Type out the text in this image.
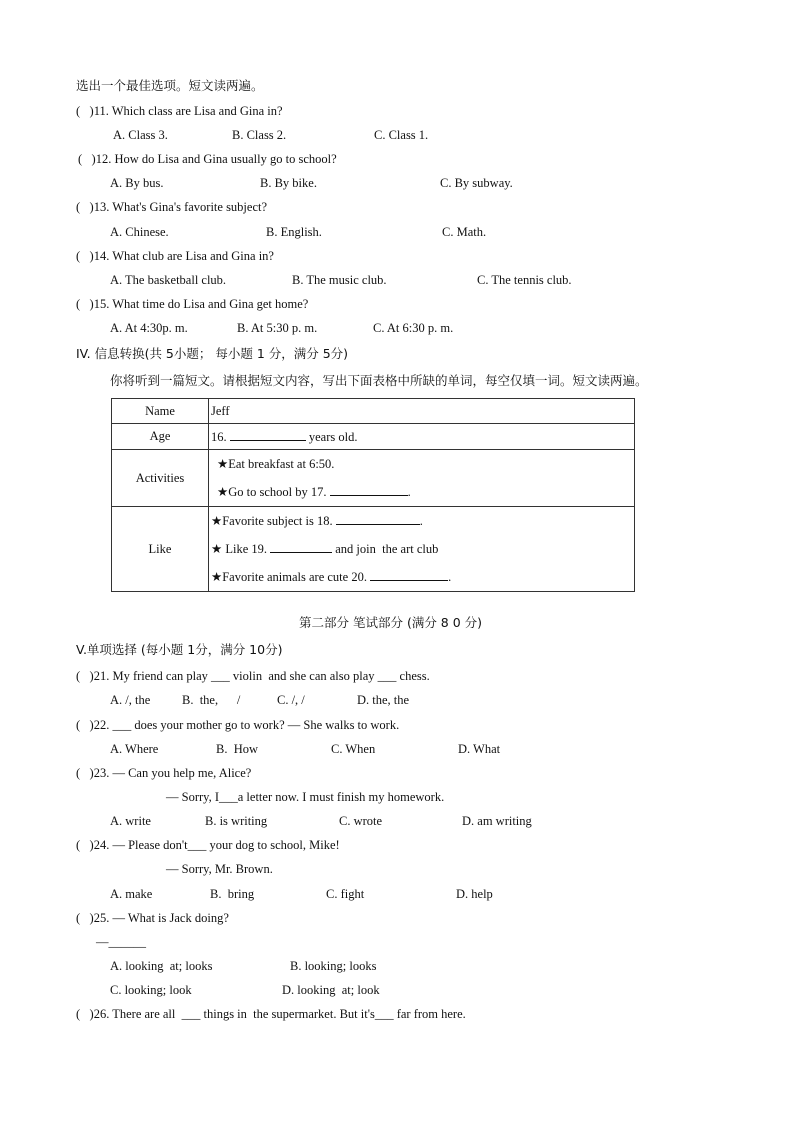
选出一个最佳选项。短文读两遍。
(   )11. Which class are Lisa and Gina in?
A. Class 3.	B. Class 2.	C. Class 1.
(   )12. How do Lisa and Gina usually go to school?
A. By bus.	B. By bike.	C. By subway.
(   )13. What's Gina's favorite subject?
A. Chinese.	B. English.	C. Math.
(   )14. What club are Lisa and Gina in?
A. The basketball club.	B. The music club.	C. The tennis club.
(   )15. What time do Lisa and Gina get home?
A. At 4:30p. m.	B. At 5:30 p. m.	C. At 6:30 p. m.
IV. 信息转换(共 5小题； 每小题 1 分，满分 5分)
你将听到一篇短文。请根据短文内容，写出下面表格中所缺的单词，每空仅填一词。短文读两遍。
Name	Jeff
Age	16. years old.
Activities	★Eat breakfast at 6:50.
★Go to school by 17. .

Like	★Favorite subject is 18. .
★ Like 19. and join  the art club
★Favorite animals are cute 20. .
第二部分 笔试部分 (满分 8 0 分)
V.单项选择 (每小题 1分，满分 10分)
(   )21. My friend can play ___ violin  and she can also play ___ chess.
A. /, the	B.  the,      /	C. /, /	D. the, the
(   )22. ___ does your mother go to work? — She walks to work.
A. Where	B.  How	C. When	D. What
(   )23. — Can you help me, Alice?
— Sorry, I___a letter now. I must finish my homework.
A. write	B. is writing	C. wrote	D. am writing
(   )24. — Please don't___ your dog to school, Mike!
— Sorry, Mr. Brown.
A. make	B.  bring	C. fight	D. help
(   )25. — What is Jack doing?
—______
A. looking  at; looks	B. looking; looks
C. looking; look	D. looking  at; look
(   )26. There are all  ___ things in  the supermarket. But it's___ far from here.
